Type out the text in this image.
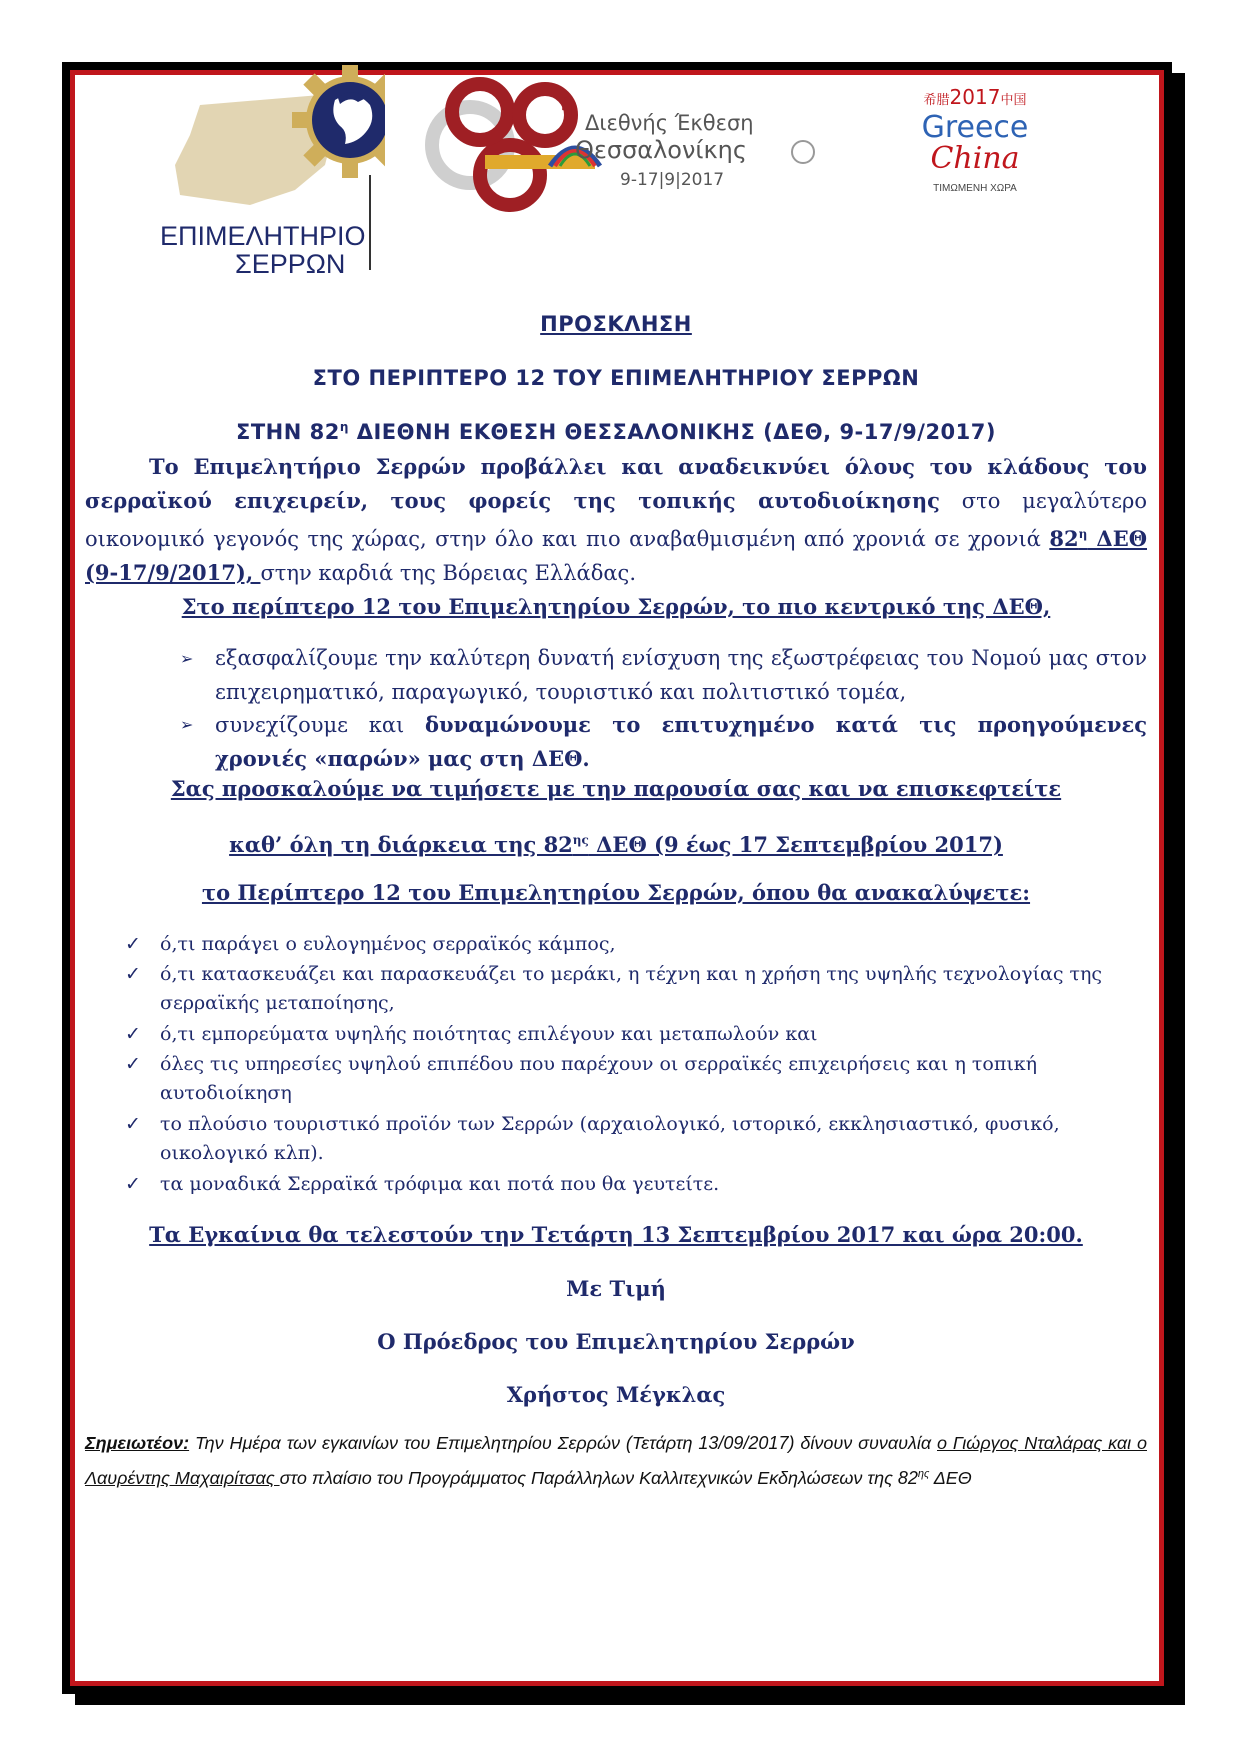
ΕΠΙΜΕΛΗΤΗΡΙΟ
ΣΕΡΡΩΝ
η
Διεθνής Έκθεση
Θεσσαλονίκης
9-17|9|2017
希腊2017中国
Greece
China
ΤΙΜΩΜΕΝΗ ΧΩΡΑ
ΠΡΟΣΚΛΗΣΗ
ΣΤΟ ΠΕΡΙΠΤΕΡΟ 12 ΤΟΥ ΕΠΙΜΕΛΗΤΗΡΙΟΥ ΣΕΡΡΩΝ
ΣΤΗΝ $82^\eta$ ΔΙΕΘΝΗ ΕΚΘΕΣΗ ΘΕΣΣΑΛΟΝΙΚΗΣ (ΔΕΘ, 9-17/9/2017)
Το Επιμελητήριο Σερρών προβάλλει και αναδεικνύει όλους του κλάδους του σερραϊκού επιχειρείν, τους φορείς της τοπικής αυτοδιοίκησης στο μεγαλύτερο οικονομικό γεγονός της χώρας, στην όλο και πιο αναβαθμισμένη από χρονιά σε χρονιά $82^\eta$ ΔΕΘ (9-17/9/2017), στην καρδιά της Βόρειας Ελλάδας.
Στο περίπτερο 12 του Επιμελητηρίου Σερρών, το πιο κεντρικό της ΔΕΘ,
➢ εξασφαλίζουμε την καλύτερη δυνατή ενίσχυση της εξωστρέφειας του Νομού μας στον επιχειρηματικό, παραγωγικό, τουριστικό και πολιτιστικό τομέα,
➢ συνεχίζουμε και δυναμώνουμε το επιτυχημένο κατά τις προηγούμενες χρονιές «παρών» μας στη ΔΕΘ.
Σας προσκαλούμε να τιμήσετε με την παρουσία σας και να επισκεφτείτε
καθ’ όλη τη διάρκεια της $82^{\eta\varsigma}$ ΔΕΘ (9 έως 17 Σεπτεμβρίου 2017)
το Περίπτερο 12 του Επιμελητηρίου Σερρών, όπου θα ανακαλύψετε:
✓ ό,τι παράγει ο ευλογημένος σερραϊκός κάμπος,
✓ ό,τι κατασκευάζει και παρασκευάζει το μεράκι, η τέχνη και η χρήση της υψηλής τεχνολογίας της σερραϊκής μεταποίησης,
✓ ό,τι εμπορεύματα υψηλής ποιότητας επιλέγουν και μεταπωλούν και
✓ όλες τις υπηρεσίες υψηλού επιπέδου που παρέχουν οι σερραϊκές επιχειρήσεις και η τοπική αυτοδιοίκηση
✓ το πλούσιο τουριστικό προϊόν των Σερρών (αρχαιολογικό, ιστορικό, εκκλησιαστικό, φυσικό, οικολογικό κλπ).
✓ τα μοναδικά Σερραϊκά τρόφιμα και ποτά που θα γευτείτε.
Τα Εγκαίνια θα τελεστούν την Τετάρτη 13 Σεπτεμβρίου 2017 και ώρα 20:00.
Με Τιμή
Ο Πρόεδρος του Επιμελητηρίου Σερρών
Χρήστος Μέγκλας
Σημειωτέον: Την Ημέρα των εγκαινίων του Επιμελητηρίου Σερρών (Τετάρτη 13/09/2017) δίνουν συναυλία ο Γιώργος Νταλάρας και ο Λαυρέντης Μαχαιρίτσας στο πλαίσιο του Προγράμματος Παράλληλων Καλλιτεχνικών Εκδηλώσεων της $82^{\eta\varsigma}$ ΔΕΘ
